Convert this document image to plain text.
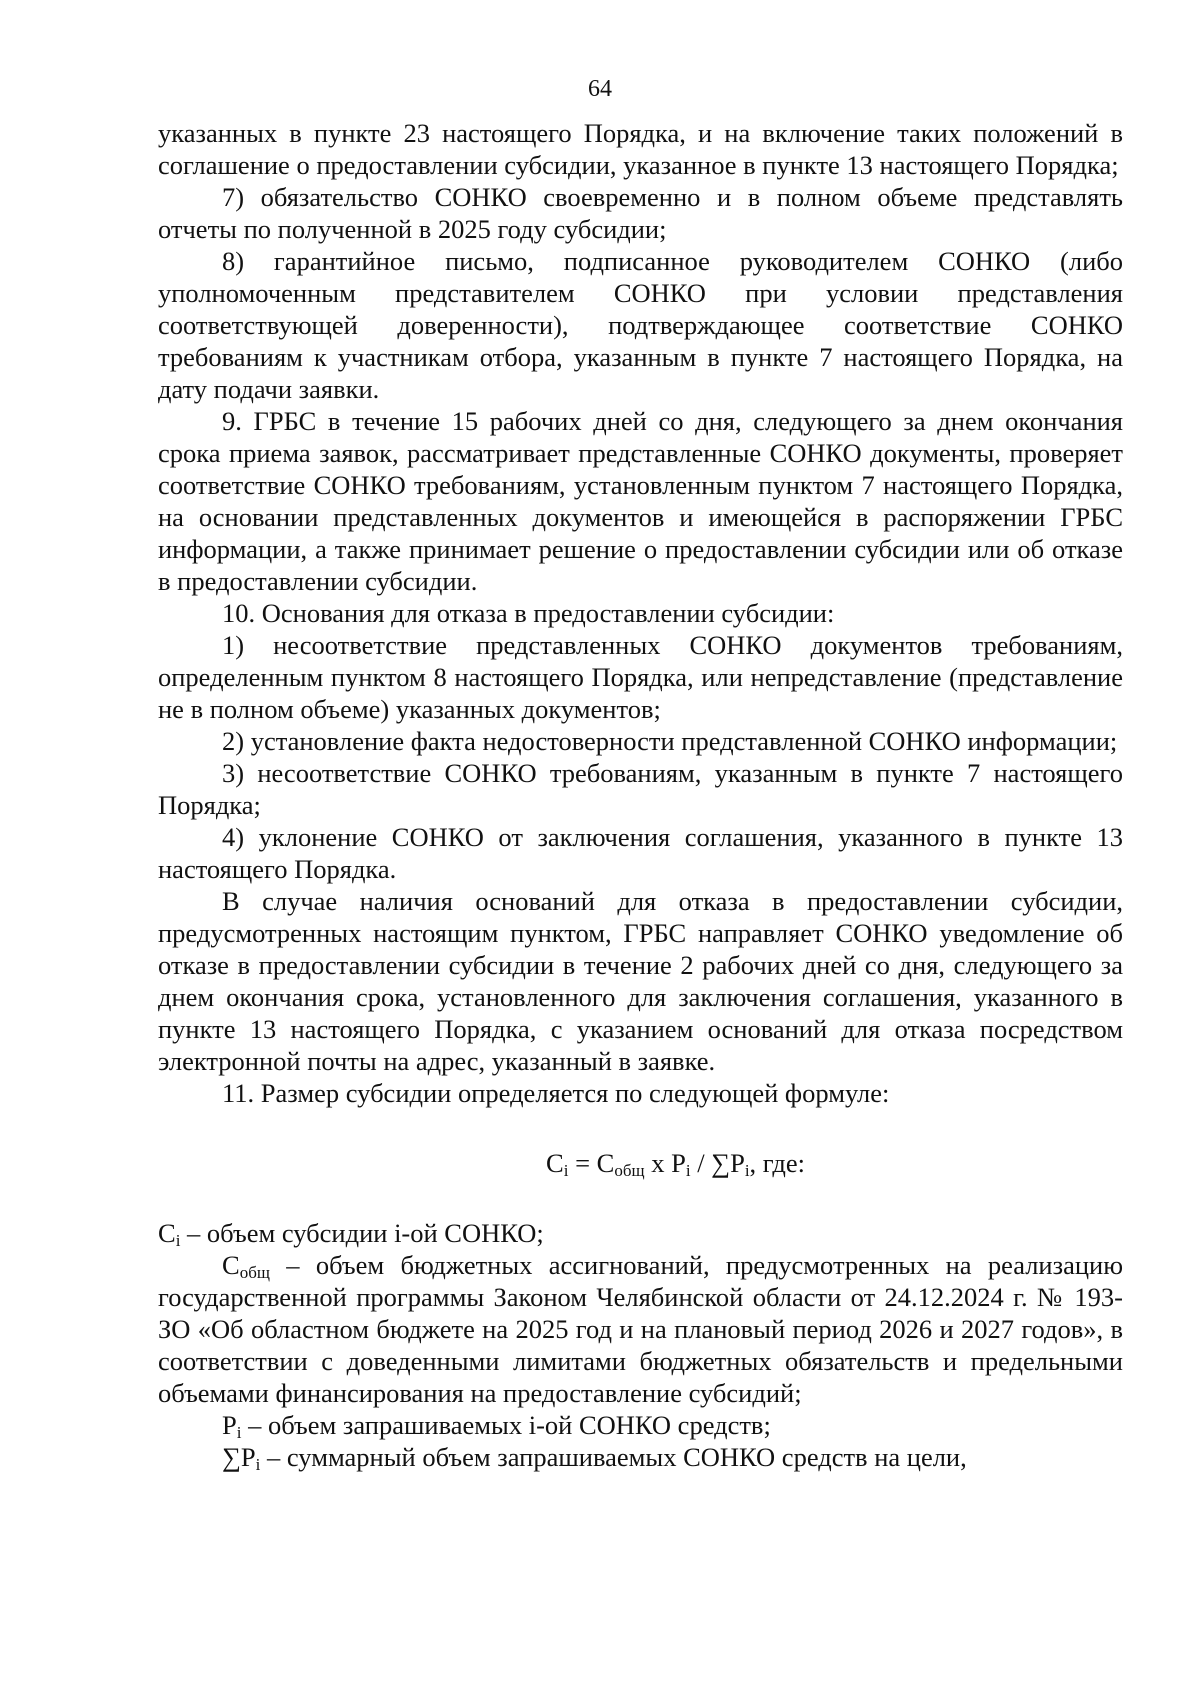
64

указанных в пункте 23 настоящего Порядка, и на включение таких положений в соглашение о предоставлении субсидии, указанное в пункте 13 настоящего Порядка;

7) обязательство СОНКО своевременно и в полном объеме представлять отчеты по полученной в 2025 году субсидии;

8) гарантийное письмо, подписанное руководителем СОНКО (либо уполномоченным представителем СОНКО при условии представления соответствующей доверенности), подтверждающее соответствие СОНКО требованиям к участникам отбора, указанным в пункте 7 настоящего Порядка, на дату подачи заявки.

9. ГРБС в течение 15 рабочих дней со дня, следующего за днем окончания срока приема заявок, рассматривает представленные СОНКО документы, проверяет соответствие СОНКО требованиям, установленным пунктом 7 настоящего Порядка, на основании представленных документов и имеющейся в распоряжении ГРБС информации, а также принимает решение о предоставлении субсидии или об отказе в предоставлении субсидии.

10. Основания для отказа в предоставлении субсидии:

1) несоответствие представленных СОНКО документов требованиям, определенным пунктом 8 настоящего Порядка, или непредставление (представление не в полном объеме) указанных документов;

2) установление факта недостоверности представленной СОНКО информации;

3) несоответствие СОНКО требованиям, указанным в пункте 7 настоящего Порядка;

4) уклонение СОНКО от заключения соглашения, указанного в пункте 13 настоящего Порядка.

В случае наличия оснований для отказа в предоставлении субсидии, предусмотренных настоящим пунктом, ГРБС направляет СОНКО уведомление об отказе в предоставлении субсидии в течение 2 рабочих дней со дня, следующего за днем окончания срока, установленного для заключения соглашения, указанного в пункте 13 настоящего Порядка, с указанием оснований для отказа посредством электронной почты на адрес, указанный в заявке.

11. Размер субсидии определяется по следующей формуле:

$C_i = C_{общ}$ x $P_i / \sum P_i$, где:

$C_i$ – объем субсидии i-ой СОНКО;

$C_{общ}$ – объем бюджетных ассигнований, предусмотренных на реализацию государственной программы Законом Челябинской области от 24.12.2024 г. № 193-ЗО «Об областном бюджете на 2025 год и на плановый период 2026 и 2027 годов», в соответствии с доведенными лимитами бюджетных обязательств и предельными объемами финансирования на предоставление субсидий;

$P_i$ – объем запрашиваемых i-ой СОНКО средств;

$\sum P_i$ – суммарный объем запрашиваемых СОНКО средств на цели,
